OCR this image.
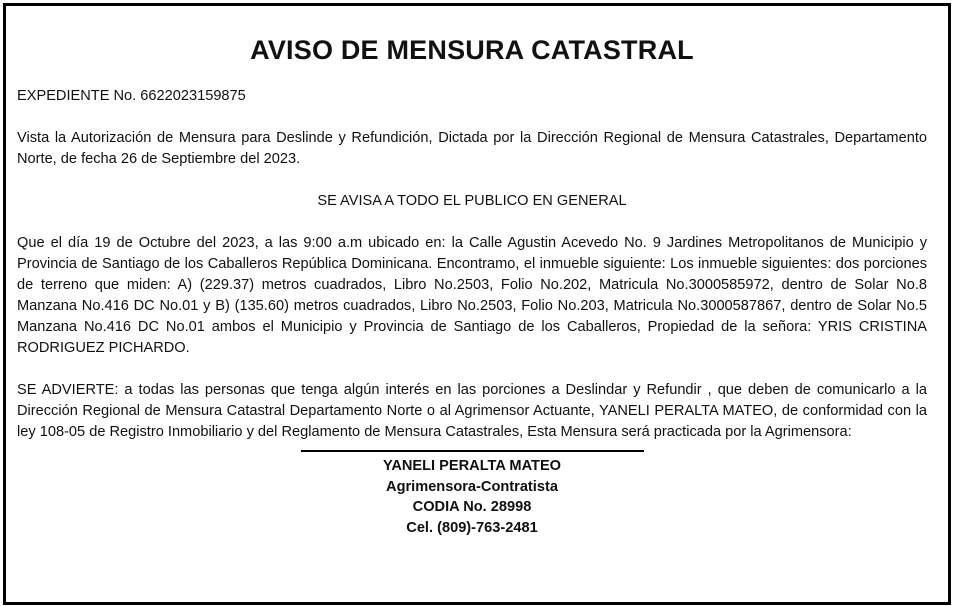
AVISO DE MENSURA CATASTRAL

EXPEDIENTE No. 6622023159875

Vista la Autorización de Mensura para Deslinde y Refundición, Dictada por la Dirección Regional de Mensura Catastrales, Departamento Norte, de fecha 26 de Septiembre del 2023.

SE AVISA A TODO EL PUBLICO EN GENERAL

Que el día 19 de Octubre del 2023, a las 9:00 a.m ubicado en: la Calle Agustin Acevedo No. 9 Jardines Metropolitanos de Municipio y Provincia de Santiago de los Caballeros República Dominicana. Encontramo, el inmueble siguiente: Los inmueble siguientes: dos porciones de terreno que miden: A) (229.37) metros cuadrados, Libro No.2503, Folio No.202, Matricula No.3000585972, dentro de Solar No.8 Manzana No.416 DC No.01 y B) (135.60) metros cuadrados, Libro No.2503, Folio No.203, Matricula No.3000587867, dentro de Solar No.5 Manzana No.416 DC No.01 ambos el Municipio y Provincia de Santiago de los Caballeros, Propiedad de la señora: YRIS CRISTINA RODRIGUEZ PICHARDO.

SE ADVIERTE: a todas las personas que tenga algún interés en las porciones a Deslindar y Refundir , que deben de comunicarlo a la Dirección Regional de Mensura Catastral Departamento Norte o al Agrimensor Actuante, YANELI PERALTA MATEO, de conformidad con la ley 108-05 de Registro Inmobiliario y del Reglamento de Mensura Catastrales, Esta Mensura será practicada por la Agrimensora:

YANELI PERALTA MATEO
Agrimensora-Contratista
CODIA No. 28998
Cel. (809)-763-2481
